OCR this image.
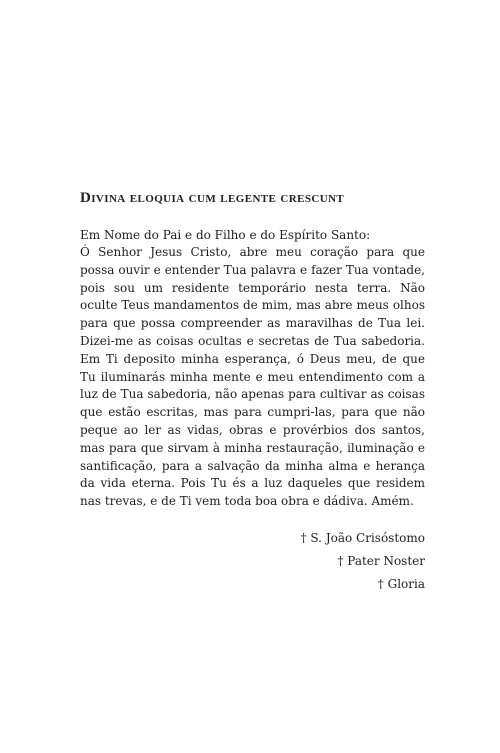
Divina eloquia cum legente crescunt

Em Nome do Pai e do Filho e do Espírito Santo:

Ó Senhor Jesus Cristo, abre meu coração para que possa ouvir e entender Tua palavra e fazer Tua vontade, pois sou um residente temporário nesta terra. Não oculte Teus mandamentos de mim, mas abre meus olhos para que possa compreender as maravilhas de Tua lei. Dizei-me as coisas ocultas e secretas de Tua sabedoria. Em Ti deposito minha esperança, ó Deus meu, de que Tu iluminarás minha mente e meu entendimento com a luz de Tua sabedoria, não apenas para cultivar as coisas que estão escritas, mas para cumpri-las, para que não peque ao ler as vidas, obras e provérbios dos santos, mas para que sirvam à minha restauração, iluminação e santificação, para a salvação da minha alma e herança da vida eterna. Pois Tu és a luz daqueles que residem nas trevas, e de Ti vem toda boa obra e dádiva. Amém.

† S. João Crisóstomo
† Pater Noster
† Gloria
